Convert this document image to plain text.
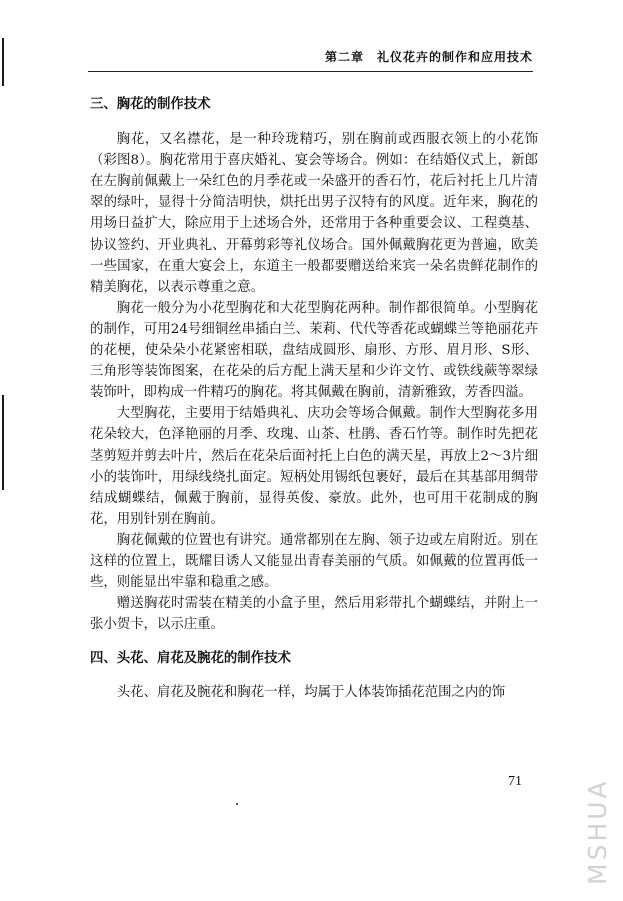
第二章　礼仪花卉的制作和应用技术
三、胸花的制作技术

胸花，又名襟花，是一种玲珑精巧，别在胸前或西服衣领上的小花饰（彩图8）。胸花常用于喜庆婚礼、宴会等场合。例如：在结婚仪式上，新郎在左胸前佩戴上一朵红色的月季花或一朵盛开的香石竹，花后衬托上几片清翠的绿叶，显得十分简洁明快，烘托出男子汉特有的风度。近年来，胸花的用场日益扩大，除应用于上述场合外，还常用于各种重要会议、工程奠基、协议签约、开业典礼、开幕剪彩等礼仪场合。国外佩戴胸花更为普遍，欧美一些国家，在重大宴会上，东道主一般都要赠送给来宾一朵名贵鲜花制作的精美胸花，以表示尊重之意。

胸花一般分为小花型胸花和大花型胸花两种。制作都很简单。小型胸花的制作，可用24号细铜丝串插白兰、茉莉、代代等香花或蝴蝶兰等艳丽花卉的花梗，使朵朵小花紧密相联，盘结成圆形、扇形、方形、眉月形、S形、三角形等装饰图案，在花朵的后方配上满天星和少许文竹、或铁线蕨等翠绿装饰叶，即构成一件精巧的胸花。将其佩戴在胸前，清新雅致，芳香四溢。

大型胸花，主要用于结婚典礼、庆功会等场合佩戴。制作大型胸花多用花朵较大，色泽艳丽的月季、玫瑰、山茶、杜鹃、香石竹等。制作时先把花茎剪短并剪去叶片，然后在花朵后面衬托上白色的满天星，再放上2～3片细小的装饰叶，用绿线绕扎面定。短柄处用锡纸包裹好，最后在其基部用绸带结成蝴蝶结，佩戴于胸前，显得英俊、豪放。此外，也可用干花制成的胸花，用别针别在胸前。

胸花佩戴的位置也有讲究。通常都别在左胸、领子边或左肩附近。别在这样的位置上，既耀目诱人又能显出青春美丽的气质。如佩戴的位置再低一些，则能显出牢靠和稳重之感。

赠送胸花时需装在精美的小盒子里，然后用彩带扎个蝴蝶结，并附上一张小贺卡，以示庄重。

四、头花、肩花及腕花的制作技术

头花、肩花及腕花和胸花一样，均属于人体装饰插花范围之内的饰

71 MSHUA
